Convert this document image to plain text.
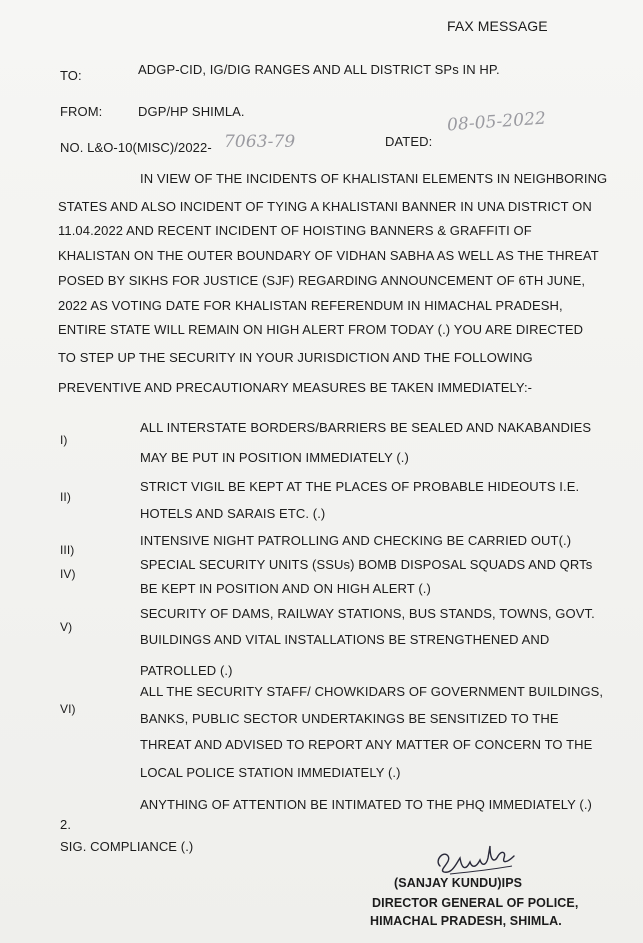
FAX MESSAGE
TO:	ADGP-CID, IG/DIG RANGES AND ALL DISTRICT SPs IN HP.
FROM:	DGP/HP SHIMLA.
NO. L&O-10(MISC)/2022- 7063-79	DATED:
08-05-2022
IN VIEW OF THE INCIDENTS OF KHALISTANI ELEMENTS IN NEIGHBORING
STATES AND ALSO INCIDENT OF TYING A KHALISTANI BANNER IN UNA DISTRICT ON
11.04.2022 AND RECENT INCIDENT OF HOISTING BANNERS & GRAFFITI OF
KHALISTAN ON THE OUTER BOUNDARY OF VIDHAN SABHA AS WELL AS THE THREAT
POSED BY SIKHS FOR JUSTICE (SJF) REGARDING ANNOUNCEMENT OF 6TH JUNE,
2022 AS VOTING DATE FOR KHALISTAN REFERENDUM IN HIMACHAL PRADESH,
ENTIRE STATE WILL REMAIN ON HIGH ALERT FROM TODAY (.) YOU ARE DIRECTED
TO STEP UP THE SECURITY IN YOUR JURISDICTION AND THE FOLLOWING
PREVENTIVE AND PRECAUTIONARY MEASURES BE TAKEN IMMEDIATELY:-
I)
ALL INTERSTATE BORDERS/BARRIERS BE SEALED AND NAKABANDIES
MAY BE PUT IN POSITION IMMEDIATELY (.)
II)
STRICT VIGIL BE KEPT AT THE PLACES OF PROBABLE HIDEOUTS I.E.
HOTELS AND SARAIS ETC. (.)
III)
INTENSIVE NIGHT PATROLLING AND CHECKING BE CARRIED OUT(.)
IV)
SPECIAL SECURITY UNITS (SSUs) BOMB DISPOSAL SQUADS AND QRTs
BE KEPT IN POSITION AND ON HIGH ALERT (.)
V)
SECURITY OF DAMS, RAILWAY STATIONS, BUS STANDS, TOWNS, GOVT.
BUILDINGS AND VITAL INSTALLATIONS BE STRENGTHENED AND
PATROLLED (.)
VI)
ALL THE SECURITY STAFF/ CHOWKIDARS OF GOVERNMENT BUILDINGS,
BANKS, PUBLIC SECTOR UNDERTAKINGS BE SENSITIZED TO THE
THREAT AND ADVISED TO REPORT ANY MATTER OF CONCERN TO THE
LOCAL POLICE STATION IMMEDIATELY (.)
2.
ANYTHING OF ATTENTION BE INTIMATED TO THE PHQ IMMEDIATELY (.)
SIG. COMPLIANCE (.)
(SANJAY KUNDU)IPS
DIRECTOR GENERAL OF POLICE,
HIMACHAL PRADESH, SHIMLA.
